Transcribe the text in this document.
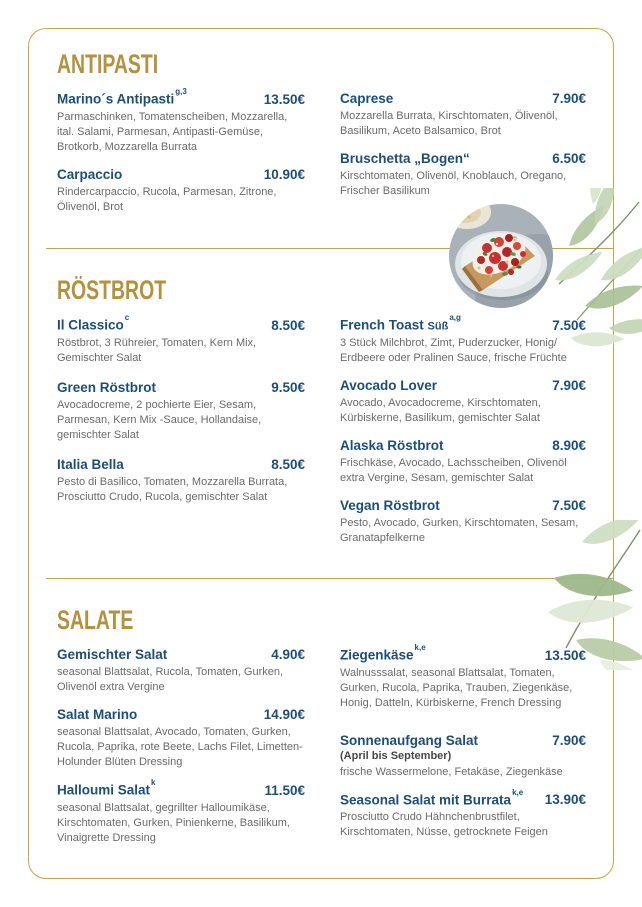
ANTIPASTI
Marino´s Antipasti$^{g,3}$	13.50€
Parmaschinken, Tomatenscheiben, Mozzarella, ital. Salami, Parmesan, Antipasti-Gemüse, Brotkorb, Mozzarella Burrata
Carpaccio	10.90€
Rindercarpaccio, Rucola, Parmesan, Zitrone, Ölivenöl, Brot
Caprese	7.90€
Mozzarella Burrata, Kirschtomaten, Ölivenöl, Basilikum, Aceto Balsamico, Brot
Bruschetta „Bogen“	6.50€
Kirschtomaten, Olivenöl, Knoblauch, Oregano, Frischer Basilikum
RÖSTBROT
Il Classico$^c$	8.50€
Röstbrot, 3 Rühreier, Tomaten, Kern Mix, Gemischter Salat
Green Röstbrot	9.50€
Avocadocreme, 2 pochierte Eier, Sesam, Parmesan, Kern Mix -Sauce, Hollandaise, gemischter Salat
Italia Bella	8.50€
Pesto di Basilico, Tomaten, Mozzarella Burrata, Prosciutto Crudo, Rucola, gemischter Salat
French Toast Süß$^{a,g}$	7.50€
3 Stück Milchbrot, Zimt, Puderzucker, Honig/ Erdbeere oder Pralinen Sauce, frische Früchte
Avocado Lover	7.90€
Avocado, Avocadocreme, Kirschtomaten, Kürbiskerne, Basilikum, gemischter Salat
Alaska Röstbrot	8.90€
Frischkäse, Avocado, Lachsscheiben, Olivenöl extra Vergine, Sesam, gemischter Salat
Vegan Röstbrot	7.50€
Pesto, Avocado, Gurken, Kirschtomaten, Sesam, Granatapfelkerne
SALATE
Gemischter Salat	4.90€
seasonal Blattsalat, Rucola, Tomaten, Gurken, Olivenöl extra Vergine
Salat Marino	14.90€
seasonal Blattsalat, Avocado, Tomaten, Gurken, Rucola, Paprika, rote Beete, Lachs Filet, Limetten-Holunder Blüten Dressing
Halloumi Salat$^k$	11.50€
seasonal Blattsalat, gegrillter Halloumikäse, Kirschtomaten, Gurken, Pinienkerne, Basilikum, Vinaigrette Dressing
Ziegenkäse$^{k,e}$	13.50€
Walnusssalat, seasonal Blattsalat, Tomaten, Gurken, Rucola, Paprika, Trauben, Ziegenkäse, Honig, Datteln, Kürbiskerne, French Dressing
Sonnenaufgang Salat	7.90€
(April bis September)
frische Wassermelone, Fetakäse, Ziegenkäse
Seasonal Salat mit Burrata$^{k,e}$	13.90€
Prosciutto Crudo Hähnchenbrustfilet, Kirschtomaten, Nüsse, getrocknete Feigen
